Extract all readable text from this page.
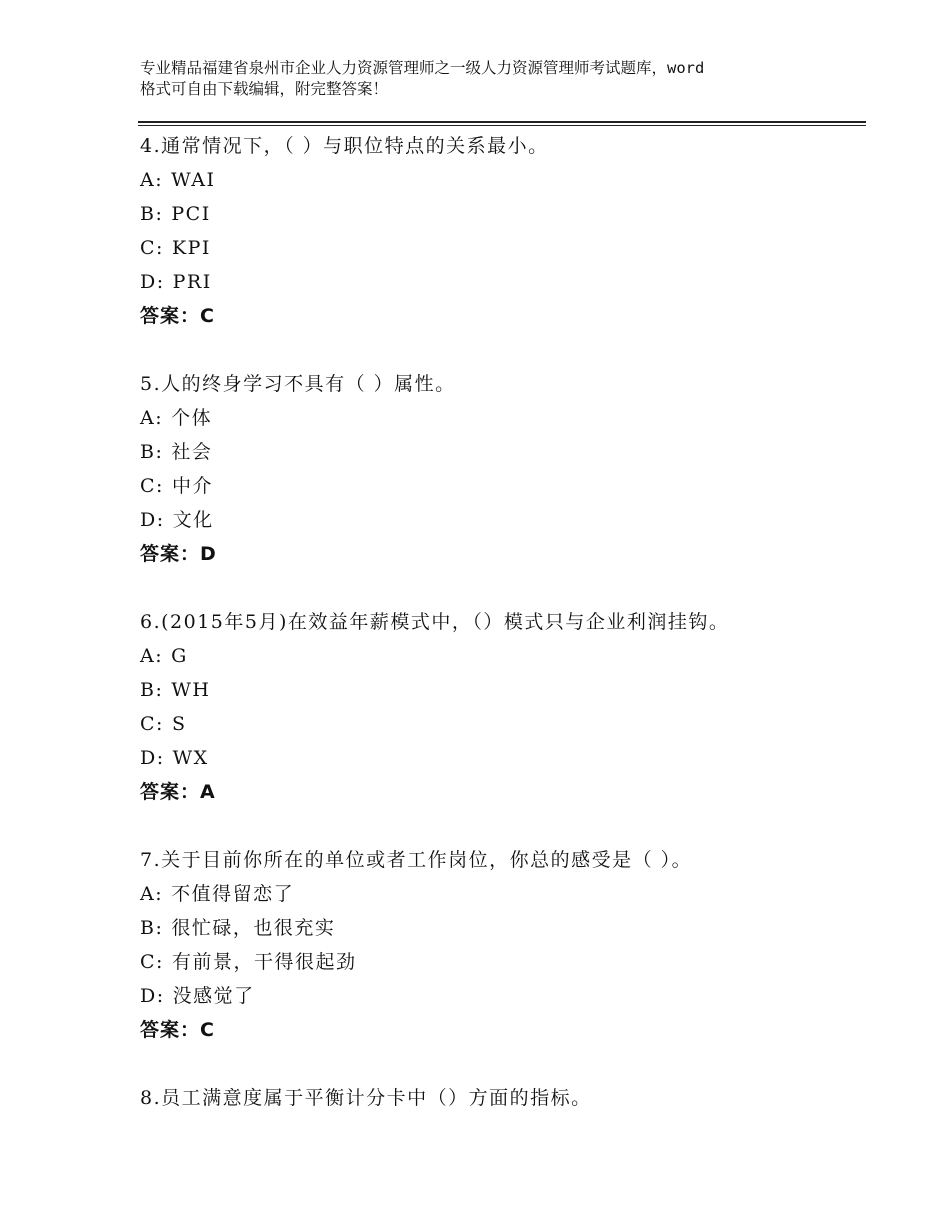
专业精品福建省泉州市企业人力资源管理师之一级人力资源管理师考试题库，word
格式可自由下载编辑，附完整答案！
4.通常情况下，（ ）与职位特点的关系最小。
A: WAI
B: PCI
C: KPI
D: PRI
答案：C
5.人的终身学习不具有（ ）属性。
A: 个体
B: 社会
C: 中介
D: 文化
答案：D
6.(2015年5月)在效益年薪模式中，（）模式只与企业利润挂钩。
A: G
B: WH
C: S
D: WX
答案：A
7.关于目前你所在的单位或者工作岗位，你总的感受是（ ）。
A: 不值得留恋了
B: 很忙碌，也很充实
C: 有前景，干得很起劲
D: 没感觉了
答案：C
8.员工满意度属于平衡计分卡中（）方面的指标。
